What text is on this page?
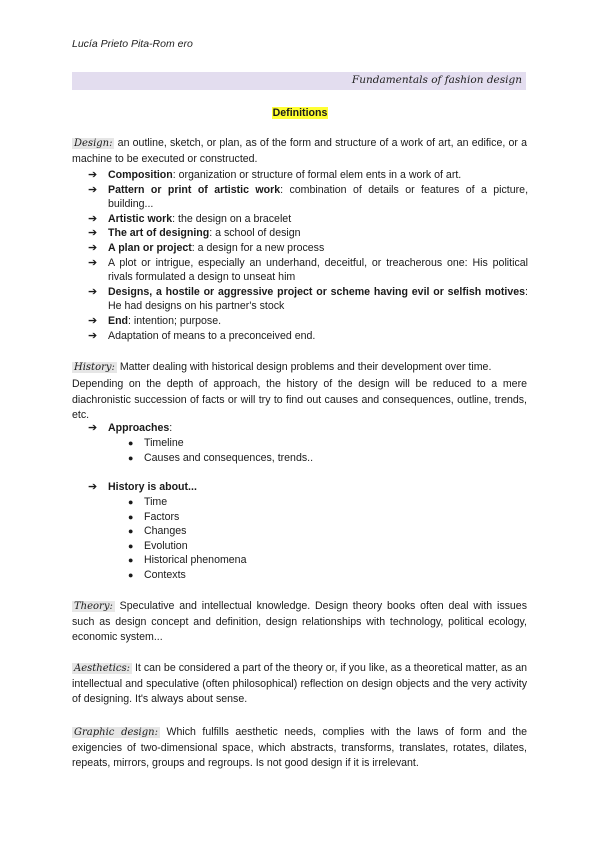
Lucía Prieto Pita-Rom ero
Fundamentals of fashion design
Definitions
Design: an outline, sketch, or plan, as of the form and structure of a work of art, an edifice, or a machine to be executed or constructed.
➔ Composition: organization or structure of formal elem ents in a work of art.
➔ Pattern or print of artistic work: combination of details or features of a picture, building...
➔ Artistic work: the design on a bracelet
➔ The art of designing: a school of design
➔ A plan or project: a design for a new process
➔ A plot or intrigue, especially an underhand, deceitful, or treacherous one: His political rivals formulated a design to unseat him
➔ Designs, a hostile or aggressive project or scheme having evil or selfish motives: He had designs on his partner's stock
➔ End: intention; purpose.
➔ Adaptation of means to a preconceived end.
History: Matter dealing with historical design problems and their development over time.
Depending on the depth of approach, the history of the design will be reduced to a mere diachronistic succession of facts or will try to find out causes and consequences, outline, trends, etc.
➔ Approaches:
● Timeline
● Causes and consequences, trends..
➔ History is about...
● Time
● Factors
● Changes
● Evolution
● Historical phenomena
● Contexts
Theory: Speculative and intellectual knowledge. Design theory books often deal with issues such as design concept and definition, design relationships with technology, political ecology, economic system...
Aesthetics: It can be considered a part of the theory or, if you like, as a theoretical matter, as an intellectual and speculative (often philosophical) reflection on design objects and the very activity of designing. It's always about sense.
Graphic design: Which fulfills aesthetic needs, complies with the laws of form and the exigencies of two-dimensional space, which abstracts, transforms, translates, rotates, dilates, repeats, mirrors, groups and regroups. Is not good design if it is irrelevant.
